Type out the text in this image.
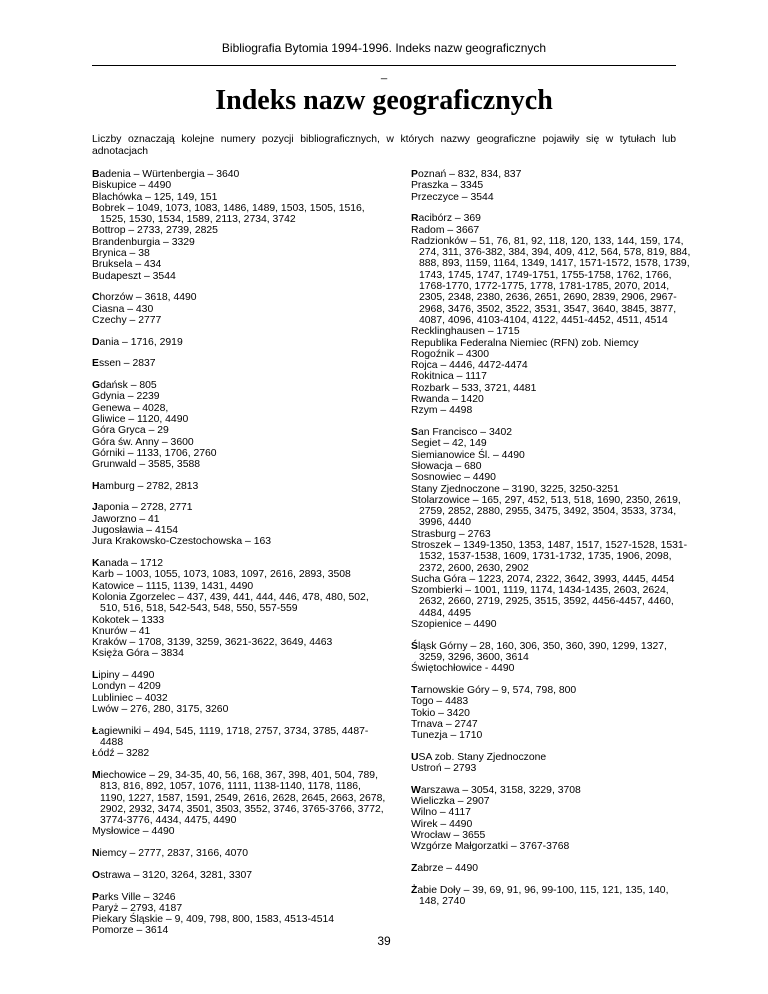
Bibliografia Bytomia 1994-1996. Indeks nazw geograficznych
_
Indeks nazw geograficznych

Liczby oznaczają kolejne numery pozycji bibliograficznych, w których nazwy geograficzne pojawiły się w tytułach lub adnotacjach

Badenia – Würtenbergia – 3640

Biskupice – 4490

Blachówka – 125, 149, 151

Bobrek – 1049, 1073, 1083, 1486, 1489, 1503, 1505, 1516, 1525, 1530, 1534, 1589, 2113, 2734, 3742

Bottrop – 2733, 2739, 2825

Brandenburgia – 3329

Brynica – 38

Bruksela – 434

Budapeszt – 3544

Chorzów – 3618, 4490

Ciasna – 430

Czechy – 2777

Dania – 1716, 2919

Essen – 2837

Gdańsk – 805

Gdynia – 2239

Genewa – 4028,

Gliwice – 1120, 4490

Góra Gryca – 29

Góra św. Anny – 3600

Górniki – 1133, 1706, 2760

Grunwald – 3585, 3588

Hamburg – 2782, 2813

Japonia – 2728, 2771

Jaworzno – 41

Jugosławia – 4154

Jura Krakowsko-Czestochowska – 163

Kanada – 1712

Karb – 1003, 1055, 1073, 1083, 1097, 2616, 2893, 3508

Katowice – 1115, 1139, 1431, 4490

Kolonia Zgorzelec – 437, 439, 441, 444, 446, 478, 480, 502, 510, 516, 518, 542-543, 548, 550, 557-559

Kokotek – 1333

Knurów – 41

Kraków – 1708, 3139, 3259, 3621-3622, 3649, 4463

Księża Góra – 3834

Lipiny – 4490

Londyn – 4209

Lubliniec – 4032

Lwów – 276, 280, 3175, 3260

Łagiewniki – 494, 545, 1119, 1718, 2757, 3734, 3785, 4487-4488

Łódź – 3282

Miechowice – 29, 34-35, 40, 56, 168, 367, 398, 401, 504, 789, 813, 816, 892, 1057, 1076, 1111, 1138-1140, 1178, 1186, 1190, 1227, 1587, 1591, 2549, 2616, 2628, 2645, 2663, 2678, 2902, 2932, 3474, 3501, 3503, 3552, 3746, 3765-3766, 3772, 3774-3776, 4434, 4475, 4490

Mysłowice – 4490

Niemcy – 2777, 2837, 3166, 4070

Ostrawa – 3120, 3264, 3281, 3307

Parks Ville – 3246

Paryż – 2793, 4187

Piekary Śląskie – 9, 409, 798, 800, 1583, 4513-4514

Pomorze – 3614

Poznań – 832, 834, 837

Praszka – 3345

Przeczyce – 3544

Racibórz – 369

Radom – 3667

Radzionków – 51, 76, 81, 92, 118, 120, 133, 144, 159, 174, 274, 311, 376-382, 384, 394, 409, 412, 564, 578, 819, 884, 888, 893, 1159, 1164, 1349, 1417, 1571-1572, 1578, 1739, 1743, 1745, 1747, 1749-1751, 1755-1758, 1762, 1766, 1768-1770, 1772-1775, 1778, 1781-1785, 2070, 2014, 2305, 2348, 2380, 2636, 2651, 2690, 2839, 2906, 2967-2968, 3476, 3502, 3522, 3531, 3547, 3640, 3845, 3877, 4087, 4096, 4103-4104, 4122, 4451-4452, 4511, 4514

Recklinghausen – 1715

Republika Federalna Niemiec (RFN) zob. Niemcy

Rogoźnik – 4300

Rojca – 4446, 4472-4474

Rokitnica – 1117

Rozbark – 533, 3721, 4481

Rwanda – 1420

Rzym – 4498

San Francisco – 3402

Segiet – 42, 149

Siemianowice Śl. – 4490

Słowacja – 680

Sosnowiec – 4490

Stany Zjednoczone – 3190, 3225, 3250-3251

Stolarzowice – 165, 297, 452, 513, 518, 1690, 2350, 2619, 2759, 2852, 2880, 2955, 3475, 3492, 3504, 3533, 3734, 3996, 4440

Strasburg – 2763

Stroszek – 1349-1350, 1353, 1487, 1517, 1527-1528, 1531-1532, 1537-1538, 1609, 1731-1732, 1735, 1906, 2098, 2372, 2600, 2630, 2902

Sucha Góra – 1223, 2074, 2322, 3642, 3993, 4445, 4454

Szombierki – 1001, 1119, 1174, 1434-1435, 2603, 2624, 2632, 2660, 2719, 2925, 3515, 3592, 4456-4457, 4460, 4484, 4495

Szopienice – 4490

Śląsk Górny – 28, 160, 306, 350, 360, 390, 1299, 1327, 3259, 3296, 3600, 3614

Świętochłowice - 4490

Tarnowskie Góry – 9, 574, 798, 800

Togo – 4483

Tokio – 3420

Trnava – 2747

Tunezja – 1710

USA zob. Stany Zjednoczone

Ustroń – 2793

Warszawa – 3054, 3158, 3229, 3708

Wieliczka – 2907

Wilno – 4117

Wirek – 4490

Wrocław – 3655

Wzgórze Małgorzatki – 3767-3768

Zabrze – 4490

Żabie Doły – 39, 69, 91, 96, 99-100, 115, 121, 135, 140, 148, 2740

39
